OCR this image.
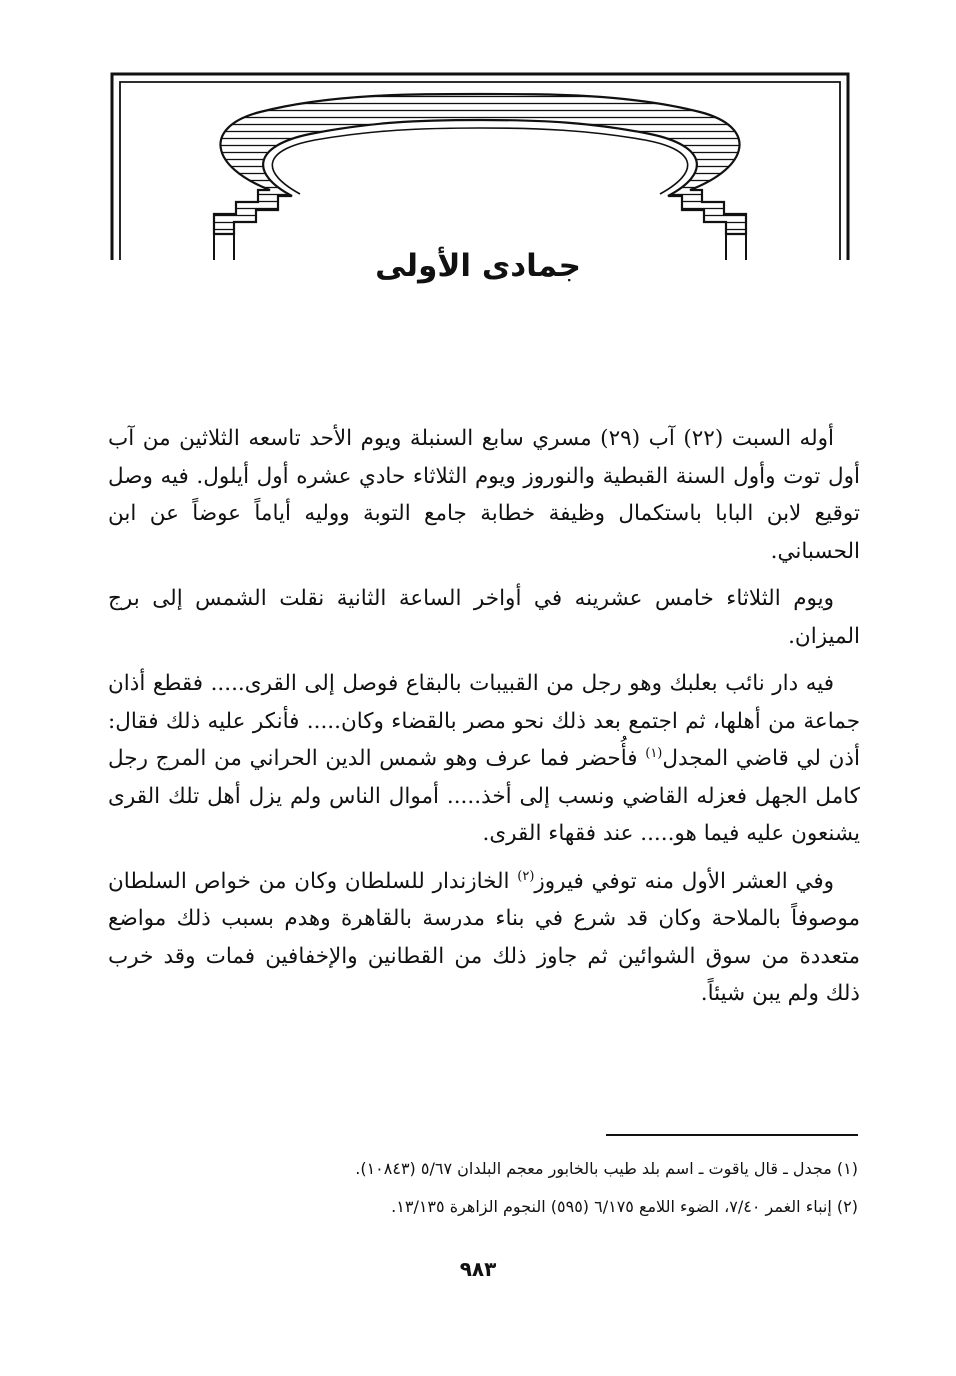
جمادى الأولى

أوله السبت (٢٢) آب (٢٩) مسري سابع السنبلة ويوم الأحد تاسعه الثلاثين من آب أول توت وأول السنة القبطية والنوروز ويوم الثلاثاء حادي عشره أول أيلول. فيه وصل توقيع لابن البابا باستكمال وظيفة خطابة جامع التوبة ووليه أياماً عوضاً عن ابن الحسباني.

ويوم الثلاثاء خامس عشرينه في أواخر الساعة الثانية نقلت الشمس إلى برج الميزان.

فيه دار نائب بعلبك وهو رجل من القبيبات بالبقاع فوصل إلى القرى..... فقطع أذان جماعة من أهلها، ثم اجتمع بعد ذلك نحو مصر بالقضاء وكان..... فأنكر عليه ذلك فقال: أذن لي قاضي المجدل$^{(١)}$ فأُحضر فما عرف وهو شمس الدين الحراني من المرج رجل كامل الجهل فعزله القاضي ونسب إلى أخذ..... أموال الناس ولم يزل أهل تلك القرى يشنعون عليه فيما هو..... عند فقهاء القرى.

وفي العشر الأول منه توفي فيروز$^{(٢)}$ الخازندار للسلطان وكان من خواص السلطان موصوفاً بالملاحة وكان قد شرع في بناء مدرسة بالقاهرة وهدم بسبب ذلك مواضع متعددة من سوق الشوائين ثم جاوز ذلك من القطانين والإخفافين فمات وقد خرب ذلك ولم يبن شيئاً.

(١) مجدل ـ قال ياقوت ـ اسم بلد طيب بالخابور معجم البلدان ٥/٦٧ (١٠٨٤٣).

(٢) إنباء الغمر ٧/٤٠، الضوء اللامع ٦/١٧٥ (٥٩٥) النجوم الزاهرة ١٣/١٣٥.

٩٨٣
